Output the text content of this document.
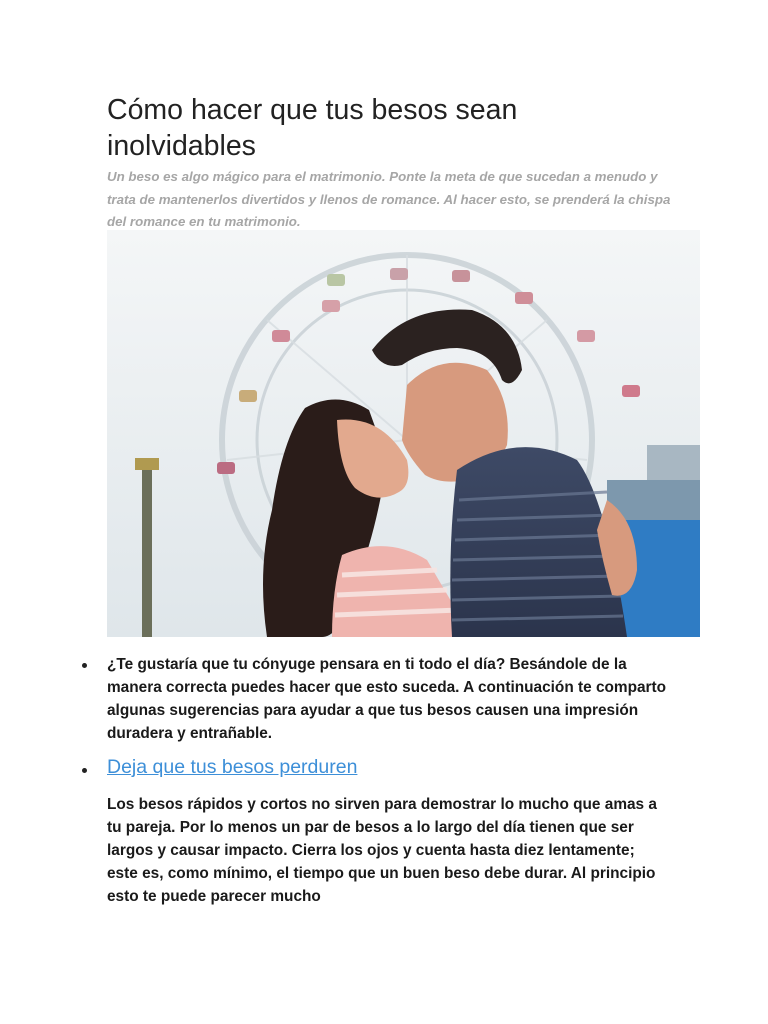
Cómo hacer que tus besos sean inolvidables

Un beso es algo mágico para el matrimonio. Ponte la meta de que sucedan a menudo y trata de mantenerlos divertidos y llenos de romance. Al hacer esto, se prenderá la chispa del romance en tu matrimonio.

¿Te gustaría que tu cónyuge pensara en ti todo el día? Besándole de la manera correcta puedes hacer que esto suceda. A continuación te comparto algunas sugerencias para ayudar a que tus besos causen una impresión duradera y entrañable.

Deja que tus besos perduren

Los besos rápidos y cortos no sirven para demostrar lo mucho que amas a tu pareja. Por lo menos un par de besos a lo largo del día tienen que ser largos y causar impacto. Cierra los ojos y cuenta hasta diez lentamente; este es, como mínimo, el tiempo que un buen beso debe durar. Al principio esto te puede parecer mucho
